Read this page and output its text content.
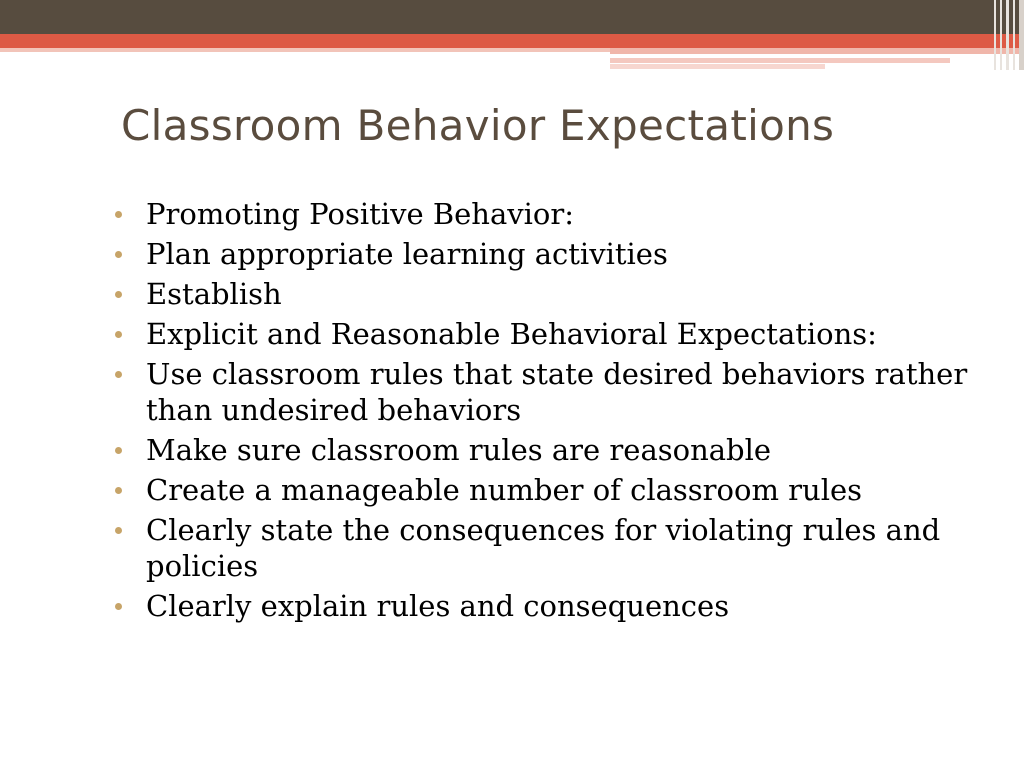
Classroom Behavior Expectations
Promoting Positive Behavior:
Plan appropriate learning activities
Establish
Explicit and Reasonable Behavioral Expectations:
Use classroom rules that state desired behaviors rather than undesired behaviors
Make sure classroom rules are reasonable
Create a manageable number of classroom rules
Clearly state the consequences for violating rules and policies
Clearly explain rules and consequences
